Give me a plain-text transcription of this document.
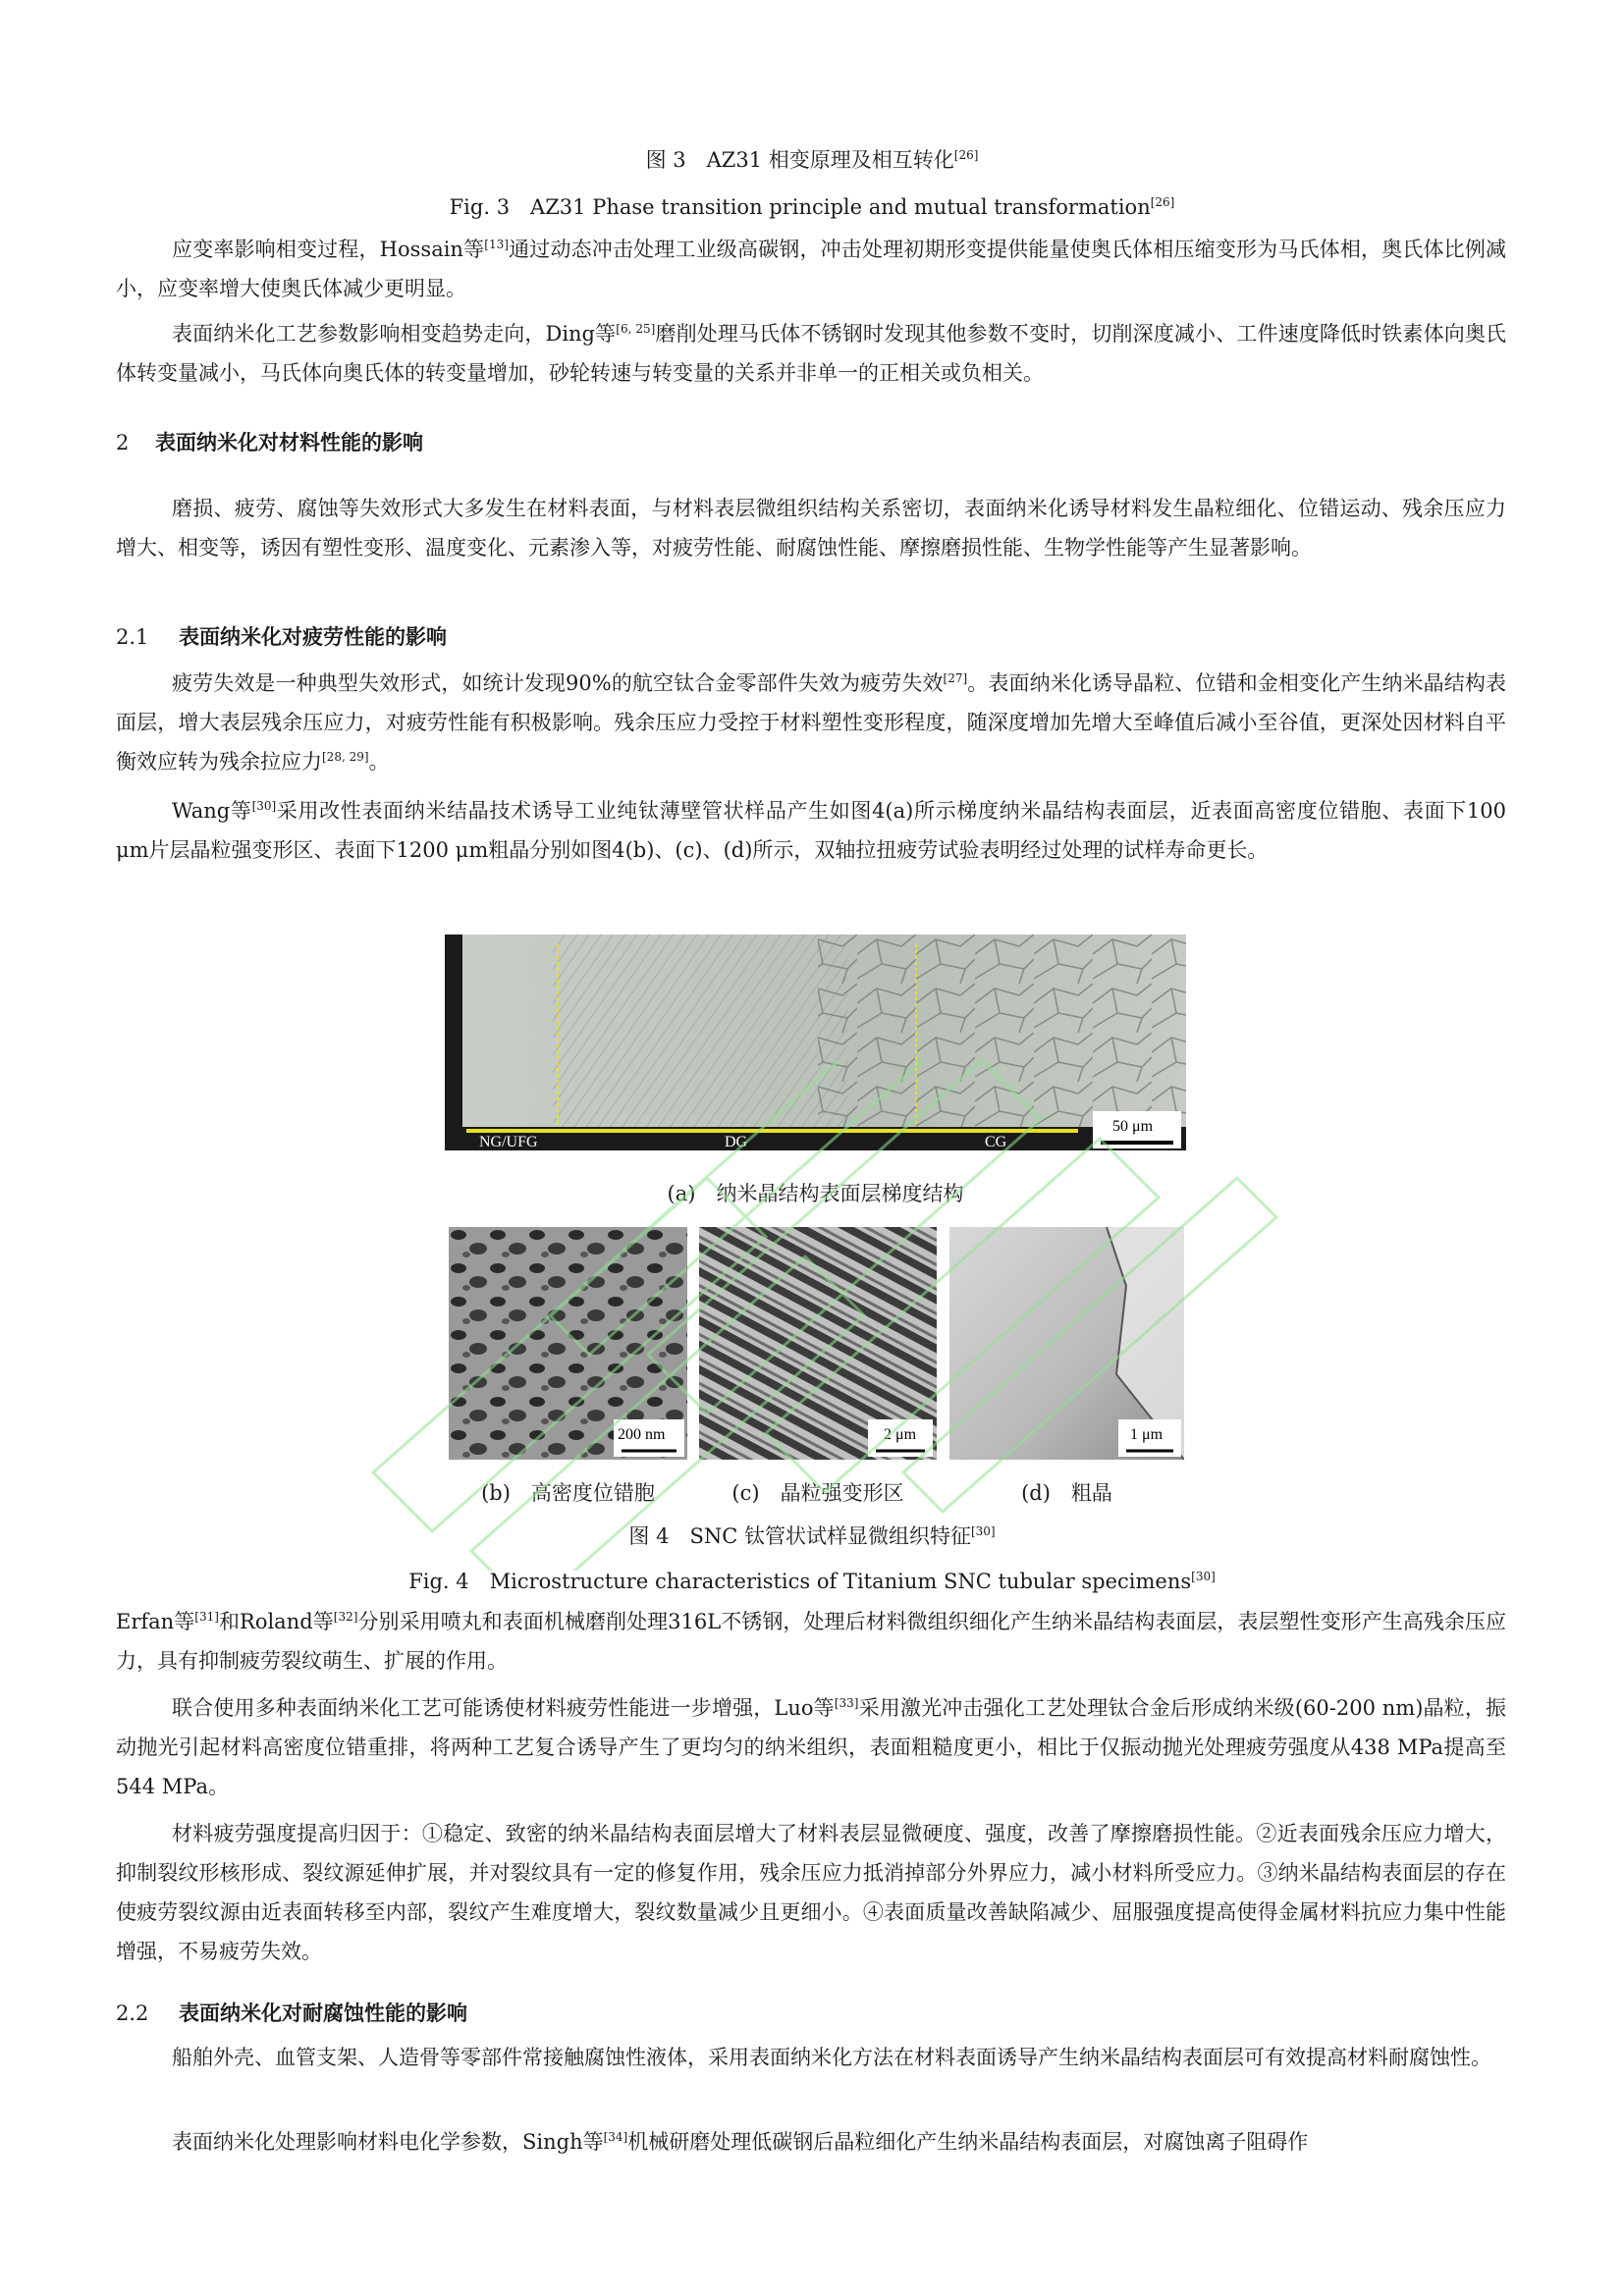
图 3　AZ31 相变原理及相互转化[26]
Fig. 3　AZ31 Phase transition principle and mutual transformation[26]

应变率影响相变过程，Hossain等[13]通过动态冲击处理工业级高碳钢，冲击处理初期形变提供能量使奥氏体相压缩变形为马氏体相，奥氏体比例减小，应变率增大使奥氏体减少更明显。

表面纳米化工艺参数影响相变趋势走向，Ding等[6, 25]磨削处理马氏体不锈钢时发现其他参数不变时，切削深度减小、工件速度降低时铁素体向奥氏体转变量减小，马氏体向奥氏体的转变量增加，砂轮转速与转变量的关系并非单一的正相关或负相关。

2 表面纳米化对材料性能的影响

磨损、疲劳、腐蚀等失效形式大多发生在材料表面，与材料表层微组织结构关系密切，表面纳米化诱导材料发生晶粒细化、位错运动、残余压应力增大、相变等，诱因有塑性变形、温度变化、元素渗入等，对疲劳性能、耐腐蚀性能、摩擦磨损性能、生物学性能等产生显著影响。

2.1 表面纳米化对疲劳性能的影响

疲劳失效是一种典型失效形式，如统计发现90%的航空钛合金零部件失效为疲劳失效[27]。表面纳米化诱导晶粒、位错和金相变化产生纳米晶结构表面层，增大表层残余压应力，对疲劳性能有积极影响。残余压应力受控于材料塑性变形程度，随深度增加先增大至峰值后减小至谷值，更深处因材料自平衡效应转为残余拉应力[28, 29]。

Wang等[30]采用改性表面纳米结晶技术诱导工业纯钛薄壁管状样品产生如图4(a)所示梯度纳米晶结构表面层，近表面高密度位错胞、表面下100 μm片层晶粒强变形区、表面下1200 μm粗晶分别如图4(b)、(c)、(d)所示，双轴拉扭疲劳试验表明经过处理的试样寿命更长。

NG/UFG	DG	CG
50 μm
(a)　纳米晶结构表面层梯度结构
200 nm	2 μm	1 μm
(b)　高密度位错胞	(c)　晶粒强变形区	(d)　粗晶
图 4　SNC 钛管状试样显微组织特征[30]
Fig. 4　Microstructure characteristics of Titanium SNC tubular specimens[30]

Erfan等[31]和Roland等[32]分别采用喷丸和表面机械磨削处理316L不锈钢，处理后材料微组织细化产生纳米晶结构表面层，表层塑性变形产生高残余压应力，具有抑制疲劳裂纹萌生、扩展的作用。

联合使用多种表面纳米化工艺可能诱使材料疲劳性能进一步增强，Luo等[33]采用激光冲击强化工艺处理钛合金后形成纳米级(60-200 nm)晶粒，振动抛光引起材料高密度位错重排，将两种工艺复合诱导产生了更均匀的纳米组织，表面粗糙度更小，相比于仅振动抛光处理疲劳强度从438 MPa提高至544 MPa。

材料疲劳强度提高归因于：①稳定、致密的纳米晶结构表面层增大了材料表层显微硬度、强度，改善了摩擦磨损性能。②近表面残余压应力增大，抑制裂纹形核形成、裂纹源延伸扩展，并对裂纹具有一定的修复作用，残余压应力抵消掉部分外界应力，减小材料所受应力。③纳米晶结构表面层的存在使疲劳裂纹源由近表面转移至内部，裂纹产生难度增大，裂纹数量减少且更细小。④表面质量改善缺陷减少、屈服强度提高使得金属材料抗应力集中性能增强，不易疲劳失效。

2.2 表面纳米化对耐腐蚀性能的影响

船舶外壳、血管支架、人造骨等零部件常接触腐蚀性液体，采用表面纳米化方法在材料表面诱导产生纳米晶结构表面层可有效提高材料耐腐蚀性。

表面纳米化处理影响材料电化学参数，Singh等[34]机械研磨处理低碳钢后晶粒细化产生纳米晶结构表面层，对腐蚀离子阻碍作
